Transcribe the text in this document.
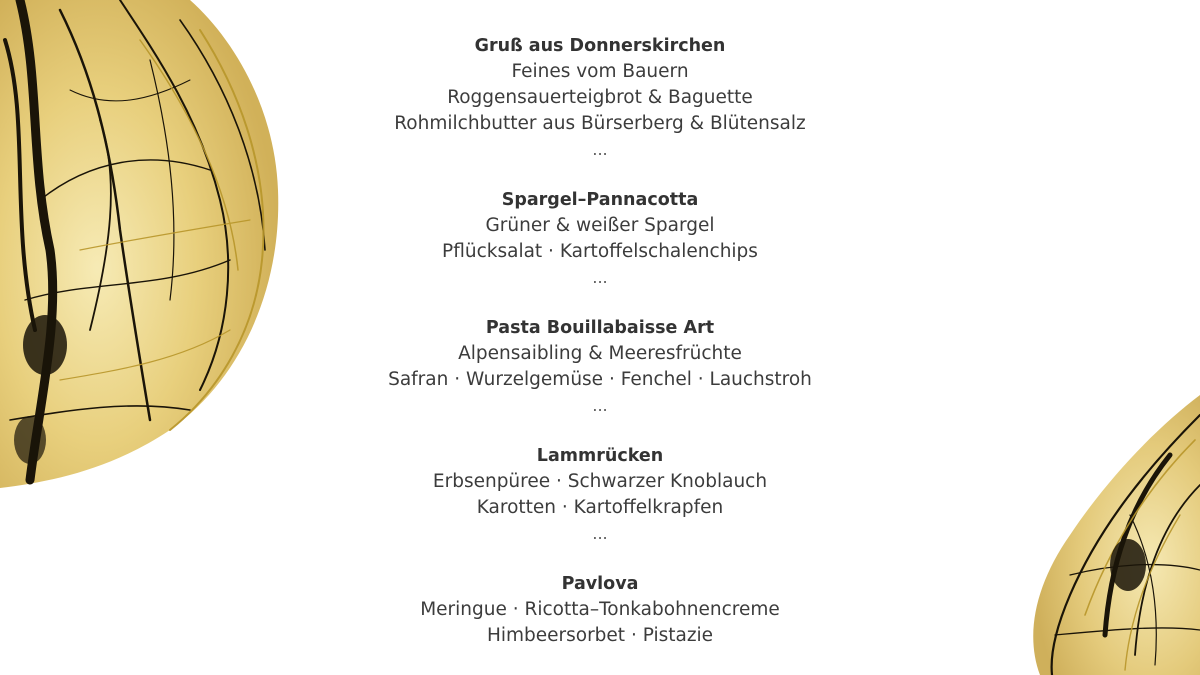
Gruß aus Donnerskirchen
Feines vom Bauern
Roggensauerteigbrot & Baguette
Rohmilchbutter aus Bürserberg & Blütensalz
...
Spargel–Pannacotta
Grüner & weißer Spargel
Pflücksalat · Kartoffelschalenchips
...
Pasta Bouillabaisse Art
Alpensaibling & Meeresfrüchte
Safran · Wurzelgemüse · Fenchel · Lauchstroh
...
Lammrücken
Erbsenpüree · Schwarzer Knoblauch
Karotten · Kartoffelkrapfen
...
Pavlova
Meringue · Ricotta–Tonkabohnencreme
Himbeersorbet · Pistazie
